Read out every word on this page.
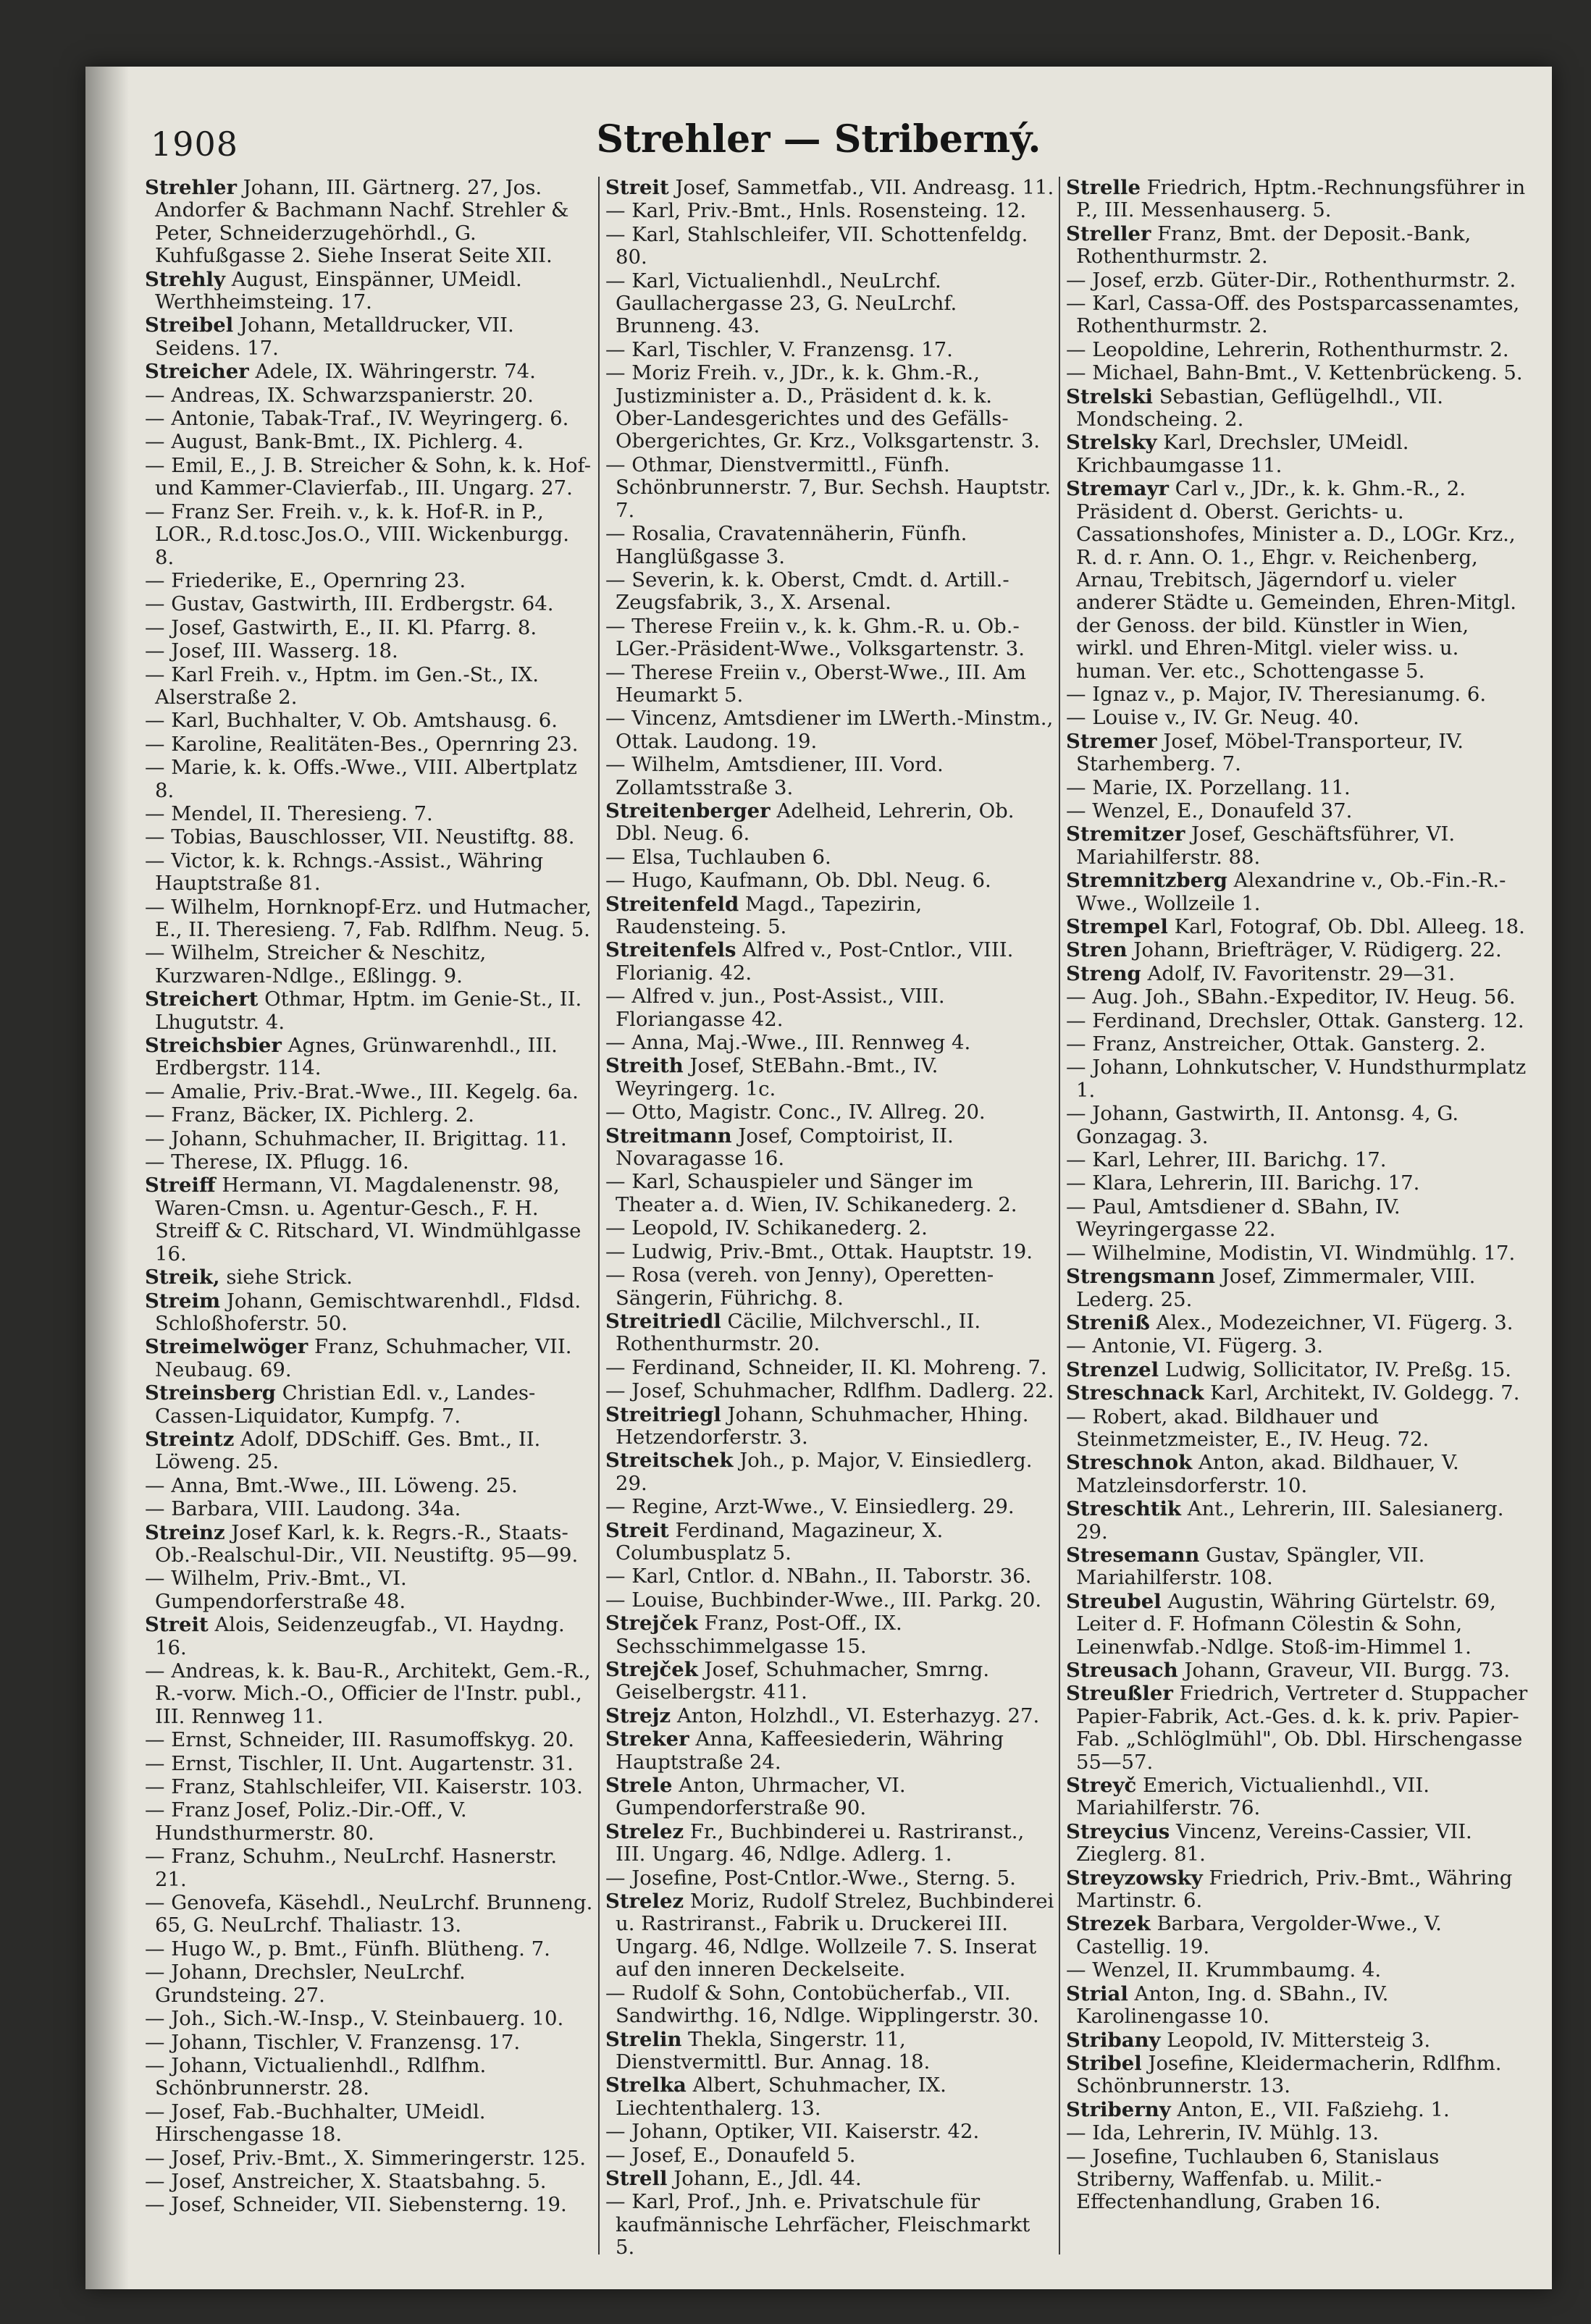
1908	Strehler — Striberný.
Strehler Johann, III. Gärtnerg. 27, Jos. Andorfer & Bachmann Nachf. Strehler & Peter, Schneiderzugehörhdl., G. Kuhfußgasse 2. Siehe Inserat Seite XII.
Strehly August, Einspänner, UMeidl. Werthheimsteing. 17.
Streibel Johann, Metalldrucker, VII. Seidens. 17.
Streicher Adele, IX. Währingerstr. 74.
— Andreas, IX. Schwarzspanierstr. 20.
— Antonie, Tabak-Traf., IV. Weyringerg. 6.
— August, Bank-Bmt., IX. Pichlerg. 4.
— Emil, E., J. B. Streicher & Sohn, k. k. Hof- und Kammer-Clavierfab., III. Ungarg. 27.
— Franz Ser. Freih. v., k. k. Hof-R. in P., LOR., R.d.tosc.Jos.O., VIII. Wickenburgg. 8.
— Friederike, E., Opernring 23.
— Gustav, Gastwirth, III. Erdbergstr. 64.
— Josef, Gastwirth, E., II. Kl. Pfarrg. 8.
— Josef, III. Wasserg. 18.
— Karl Freih. v., Hptm. im Gen.-St., IX. Alserstraße 2.
— Karl, Buchhalter, V. Ob. Amtshausg. 6.
— Karoline, Realitäten-Bes., Opernring 23.
— Marie, k. k. Offs.-Wwe., VIII. Albertplatz 8.
— Mendel, II. Theresieng. 7.
— Tobias, Bauschlosser, VII. Neustiftg. 88.
— Victor, k. k. Rchngs.-Assist., Währing Hauptstraße 81.
— Wilhelm, Hornknopf-Erz. und Hutmacher, E., II. Theresieng. 7, Fab. Rdlfhm. Neug. 5.
— Wilhelm, Streicher & Neschitz, Kurzwaren-Ndlge., Eßlingg. 9.
Streichert Othmar, Hptm. im Genie-St., II. Lhugutstr. 4.
Streichsbier Agnes, Grünwarenhdl., III. Erdbergstr. 114.
— Amalie, Priv.-Brat.-Wwe., III. Kegelg. 6a.
— Franz, Bäcker, IX. Pichlerg. 2.
— Johann, Schuhmacher, II. Brigittag. 11.
— Therese, IX. Pflugg. 16.
Streiff Hermann, VI. Magdalenenstr. 98, Waren-Cmsn. u. Agentur-Gesch., F. H. Streiff & C. Ritschard, VI. Windmühlgasse 16.
Streik, siehe Strick.
Streim Johann, Gemischtwarenhdl., Fldsd. Schloßhoferstr. 50.
Streimelwöger Franz, Schuhmacher, VII. Neubaug. 69.
Streinsberg Christian Edl. v., Landes-Cassen-Liquidator, Kumpfg. 7.
Streintz Adolf, DDSchiff. Ges. Bmt., II. Löweng. 25.
— Anna, Bmt.-Wwe., III. Löweng. 25.
— Barbara, VIII. Laudong. 34a.
Streinz Josef Karl, k. k. Regrs.-R., Staats-Ob.-Realschul-Dir., VII. Neustiftg. 95—99.
— Wilhelm, Priv.-Bmt., VI. Gumpendorferstraße 48.
Streit Alois, Seidenzeugfab., VI. Haydng. 16.
— Andreas, k. k. Bau-R., Architekt, Gem.-R., R.-vorw. Mich.-O., Officier de l'Instr. publ., III. Rennweg 11.
— Ernst, Schneider, III. Rasumoffskyg. 20.
— Ernst, Tischler, II. Unt. Augartenstr. 31.
— Franz, Stahlschleifer, VII. Kaiserstr. 103.
— Franz Josef, Poliz.-Dir.-Off., V. Hundsthurmerstr. 80.
— Franz, Schuhm., NeuLrchf. Hasnerstr. 21.
— Genovefa, Käsehdl., NeuLrchf. Brunneng. 65, G. NeuLrchf. Thaliastr. 13.
— Hugo W., p. Bmt., Fünfh. Blütheng. 7.
— Johann, Drechsler, NeuLrchf. Grundsteing. 27.
— Joh., Sich.-W.-Insp., V. Steinbauerg. 10.
— Johann, Tischler, V. Franzensg. 17.
— Johann, Victualienhdl., Rdlfhm. Schönbrunnerstr. 28.
— Josef, Fab.-Buchhalter, UMeidl. Hirschengasse 18.
— Josef, Priv.-Bmt., X. Simmeringerstr. 125.
— Josef, Anstreicher, X. Staatsbahng. 5.
— Josef, Schneider, VII. Siebensterng. 19.
Streit Josef, Sammetfab., VII. Andreasg. 11.
— Karl, Priv.-Bmt., Hnls. Rosensteing. 12.
— Karl, Stahlschleifer, VII. Schottenfeldg. 80.
— Karl, Victualienhdl., NeuLrchf. Gaullachergasse 23, G. NeuLrchf. Brunneng. 43.
— Karl, Tischler, V. Franzensg. 17.
— Moriz Freih. v., JDr., k. k. Ghm.-R., Justizminister a. D., Präsident d. k. k. Ober-Landesgerichtes und des Gefälls-Obergerichtes, Gr. Krz., Volksgartenstr. 3.
— Othmar, Dienstvermittl., Fünfh. Schönbrunnerstr. 7, Bur. Sechsh. Hauptstr. 7.
— Rosalia, Cravatennäherin, Fünfh. Hanglüßgasse 3.
— Severin, k. k. Oberst, Cmdt. d. Artill.-Zeugsfabrik, 3., X. Arsenal.
— Therese Freiin v., k. k. Ghm.-R. u. Ob.-LGer.-Präsident-Wwe., Volksgartenstr. 3.
— Therese Freiin v., Oberst-Wwe., III. Am Heumarkt 5.
— Vincenz, Amtsdiener im LWerth.-Minstm., Ottak. Laudong. 19.
— Wilhelm, Amtsdiener, III. Vord. Zollamtsstraße 3.
Streitenberger Adelheid, Lehrerin, Ob. Dbl. Neug. 6.
— Elsa, Tuchlauben 6.
— Hugo, Kaufmann, Ob. Dbl. Neug. 6.
Streitenfeld Magd., Tapezirin, Raudensteing. 5.
Streitenfels Alfred v., Post-Cntlor., VIII. Florianig. 42.
— Alfred v. jun., Post-Assist., VIII. Floriangasse 42.
— Anna, Maj.-Wwe., III. Rennweg 4.
Streith Josef, StEBahn.-Bmt., IV. Weyringerg. 1c.
— Otto, Magistr. Conc., IV. Allreg. 20.
Streitmann Josef, Comptoirist, II. Novaragasse 16.
— Karl, Schauspieler und Sänger im Theater a. d. Wien, IV. Schikanederg. 2.
— Leopold, IV. Schikanederg. 2.
— Ludwig, Priv.-Bmt., Ottak. Hauptstr. 19.
— Rosa (vereh. von Jenny), Operetten-Sängerin, Führichg. 8.
Streitriedl Cäcilie, Milchverschl., II. Rothenthurmstr. 20.
— Ferdinand, Schneider, II. Kl. Mohreng. 7.
— Josef, Schuhmacher, Rdlfhm. Dadlerg. 22.
Streitriegl Johann, Schuhmacher, Hhing. Hetzendorferstr. 3.
Streitschek Joh., p. Major, V. Einsiedlerg. 29.
— Regine, Arzt-Wwe., V. Einsiedlerg. 29.
Streit Ferdinand, Magazineur, X. Columbusplatz 5.
— Karl, Cntlor. d. NBahn., II. Taborstr. 36.
— Louise, Buchbinder-Wwe., III. Parkg. 20.
Strejček Franz, Post-Off., IX. Sechsschimmelgasse 15.
Strejček Josef, Schuhmacher, Smrng. Geiselbergstr. 411.
Strejz Anton, Holzhdl., VI. Esterhazyg. 27.
Streker Anna, Kaffeesiederin, Währing Hauptstraße 24.
Strele Anton, Uhrmacher, VI. Gumpendorferstraße 90.
Strelez Fr., Buchbinderei u. Rastriranst., III. Ungarg. 46, Ndlge. Adlerg. 1.
— Josefine, Post-Cntlor.-Wwe., Sterng. 5.
Strelez Moriz, Rudolf Strelez, Buchbinderei u. Rastriranst., Fabrik u. Druckerei III. Ungarg. 46, Ndlge. Wollzeile 7. S. Inserat auf den inneren Deckelseite.
— Rudolf & Sohn, Contobücherfab., VII. Sandwirthg. 16, Ndlge. Wipplingerstr. 30.
Strelin Thekla, Singerstr. 11, Dienstvermittl. Bur. Annag. 18.
Strelka Albert, Schuhmacher, IX. Liechtenthalerg. 13.
— Johann, Optiker, VII. Kaiserstr. 42.
— Josef, E., Donaufeld 5.
Strell Johann, E., Jdl. 44.
— Karl, Prof., Jnh. e. Privatschule für kaufmännische Lehrfächer, Fleischmarkt 5.
Strelle Friedrich, Hptm.-Rechnungsführer in P., III. Messenhauserg. 5.
Streller Franz, Bmt. der Deposit.-Bank, Rothenthurmstr. 2.
— Josef, erzb. Güter-Dir., Rothenthurmstr. 2.
— Karl, Cassa-Off. des Postsparcassenamtes, Rothenthurmstr. 2.
— Leopoldine, Lehrerin, Rothenthurmstr. 2.
— Michael, Bahn-Bmt., V. Kettenbrückeng. 5.
Strelski Sebastian, Geflügelhdl., VII. Mondscheing. 2.
Strelsky Karl, Drechsler, UMeidl. Krichbaumgasse 11.
Stremayr Carl v., JDr., k. k. Ghm.-R., 2. Präsident d. Oberst. Gerichts- u. Cassationshofes, Minister a. D., LOGr. Krz., R. d. r. Ann. O. 1., Ehgr. v. Reichenberg, Arnau, Trebitsch, Jägerndorf u. vieler anderer Städte u. Gemeinden, Ehren-Mitgl. der Genoss. der bild. Künstler in Wien, wirkl. und Ehren-Mitgl. vieler wiss. u. human. Ver. etc., Schottengasse 5.
— Ignaz v., p. Major, IV. Theresianumg. 6.
— Louise v., IV. Gr. Neug. 40.
Stremer Josef, Möbel-Transporteur, IV. Starhemberg. 7.
— Marie, IX. Porzellang. 11.
— Wenzel, E., Donaufeld 37.
Stremitzer Josef, Geschäftsführer, VI. Mariahilferstr. 88.
Stremnitzberg Alexandrine v., Ob.-Fin.-R.-Wwe., Wollzeile 1.
Strempel Karl, Fotograf, Ob. Dbl. Alleeg. 18.
Stren Johann, Briefträger, V. Rüdigerg. 22.
Streng Adolf, IV. Favoritenstr. 29—31.
— Aug. Joh., SBahn.-Expeditor, IV. Heug. 56.
— Ferdinand, Drechsler, Ottak. Gansterg. 12.
— Franz, Anstreicher, Ottak. Gansterg. 2.
— Johann, Lohnkutscher, V. Hundsthurmplatz 1.
— Johann, Gastwirth, II. Antonsg. 4, G. Gonzagag. 3.
— Karl, Lehrer, III. Barichg. 17.
— Klara, Lehrerin, III. Barichg. 17.
— Paul, Amtsdiener d. SBahn, IV. Weyringergasse 22.
— Wilhelmine, Modistin, VI. Windmühlg. 17.
Strengsmann Josef, Zimmermaler, VIII. Lederg. 25.
Streniß Alex., Modezeichner, VI. Fügerg. 3.
— Antonie, VI. Fügerg. 3.
Strenzel Ludwig, Sollicitator, IV. Preßg. 15.
Streschnack Karl, Architekt, IV. Goldegg. 7.
— Robert, akad. Bildhauer und Steinmetzmeister, E., IV. Heug. 72.
Streschnok Anton, akad. Bildhauer, V. Matzleinsdorferstr. 10.
Streschtik Ant., Lehrerin, III. Salesianerg. 29.
Stresemann Gustav, Spängler, VII. Mariahilferstr. 108.
Streubel Augustin, Währing Gürtelstr. 69, Leiter d. F. Hofmann Cölestin & Sohn, Leinenwfab.-Ndlge. Stoß-im-Himmel 1.
Streusach Johann, Graveur, VII. Burgg. 73.
Streußler Friedrich, Vertreter d. Stuppacher Papier-Fabrik, Act.-Ges. d. k. k. priv. Papier-Fab. „Schlöglmühl", Ob. Dbl. Hirschengasse 55—57.
Streyč Emerich, Victualienhdl., VII. Mariahilferstr. 76.
Streycius Vincenz, Vereins-Cassier, VII. Zieglerg. 81.
Streyzowsky Friedrich, Priv.-Bmt., Währing Martinstr. 6.
Strezek Barbara, Vergolder-Wwe., V. Castellig. 19.
— Wenzel, II. Krummbaumg. 4.
Strial Anton, Ing. d. SBahn., IV. Karolinengasse 10.
Stribany Leopold, IV. Mittersteig 3.
Stribel Josefine, Kleidermacherin, Rdlfhm. Schönbrunnerstr. 13.
Striberny Anton, E., VII. Faßziehg. 1.
— Ida, Lehrerin, IV. Mühlg. 13.
— Josefine, Tuchlauben 6, Stanislaus Striberny, Waffenfab. u. Milit.-Effectenhandlung, Graben 16.
